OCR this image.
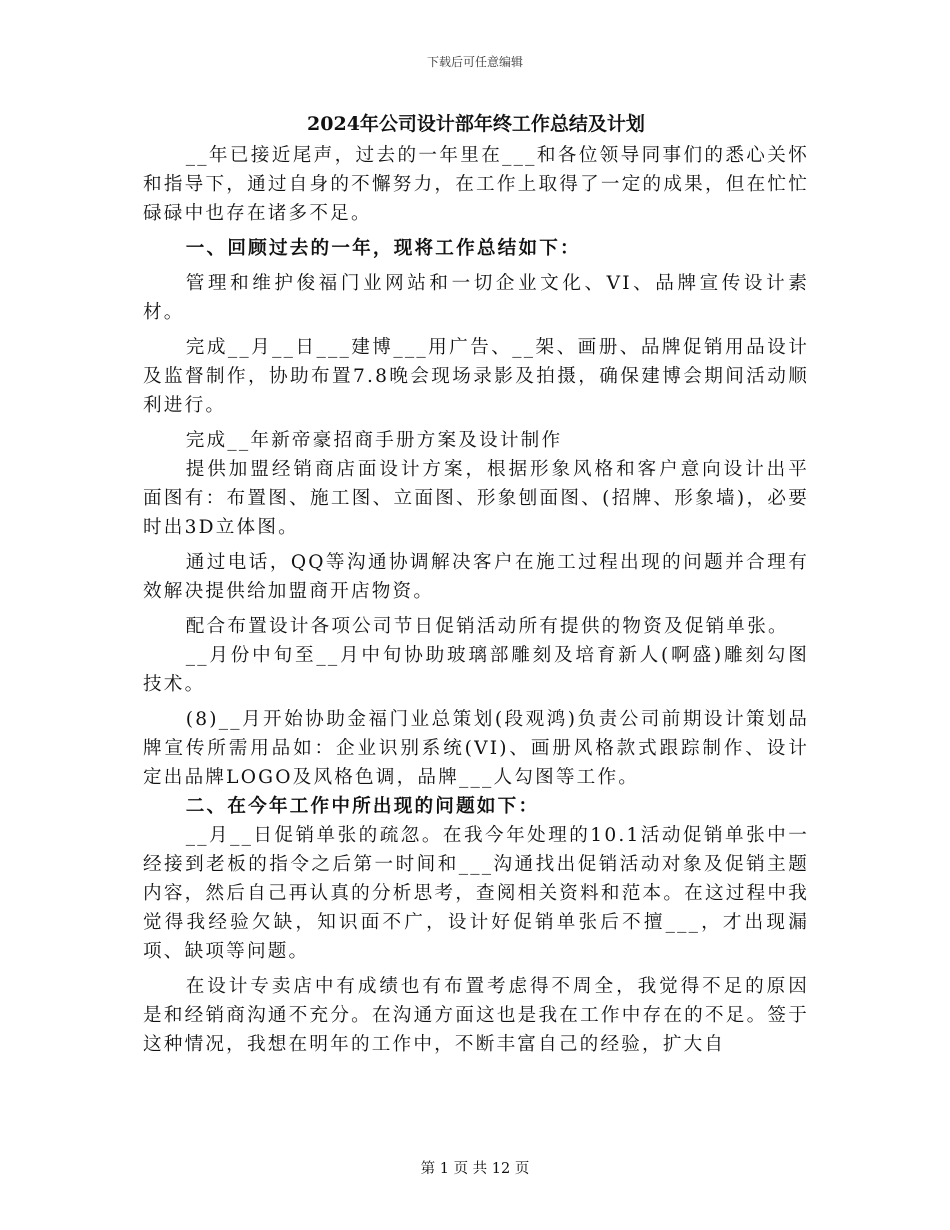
下载后可任意编辑
2024年公司设计部年终工作总结及计划

__年已接近尾声，过去的一年里在___和各位领导同事们的悉心关怀和指导下，通过自身的不懈努力，在工作上取得了一定的成果，但在忙忙碌碌中也存在诸多不足。

一、回顾过去的一年，现将工作总结如下：

管理和维护俊福门业网站和一切企业文化、VI、品牌宣传设计素材。

完成__月__日___建博___用广告、__架、画册、品牌促销用品设计及监督制作，协助布置7.8晚会现场录影及拍摄，确保建博会期间活动顺利进行。

完成__年新帝豪招商手册方案及设计制作

提供加盟经销商店面设计方案，根据形象风格和客户意向设计出平面图有：布置图、施工图、立面图、形象刨面图、(招牌、形象墙)，必要时出3D立体图。

通过电话，QQ等沟通协调解决客户在施工过程出现的问题并合理有效解决提供给加盟商开店物资。

配合布置设计各项公司节日促销活动所有提供的物资及促销单张。

__月份中旬至__月中旬协助玻璃部雕刻及培育新人(啊盛)雕刻勾图技术。

(8)__月开始协助金福门业总策划(段观鸿)负责公司前期设计策划品牌宣传所需用品如：企业识别系统(VI)、画册风格款式跟踪制作、设计定出品牌LOGO及风格色调，品牌___人勾图等工作。

二、在今年工作中所出现的问题如下：

__月__日促销单张的疏忽。在我今年处理的10.1活动促销单张中一经接到老板的指令之后第一时间和___沟通找出促销活动对象及促销主题内容，然后自己再认真的分析思考，查阅相关资料和范本。在这过程中我觉得我经验欠缺，知识面不广，设计好促销单张后不擅___，才出现漏项、缺项等问题。

在设计专卖店中有成绩也有布置考虑得不周全，我觉得不足的原因是和经销商沟通不充分。在沟通方面这也是我在工作中存在的不足。签于这种情况，我想在明年的工作中，不断丰富自己的经验，扩大自

第 1 页 共 12 页
